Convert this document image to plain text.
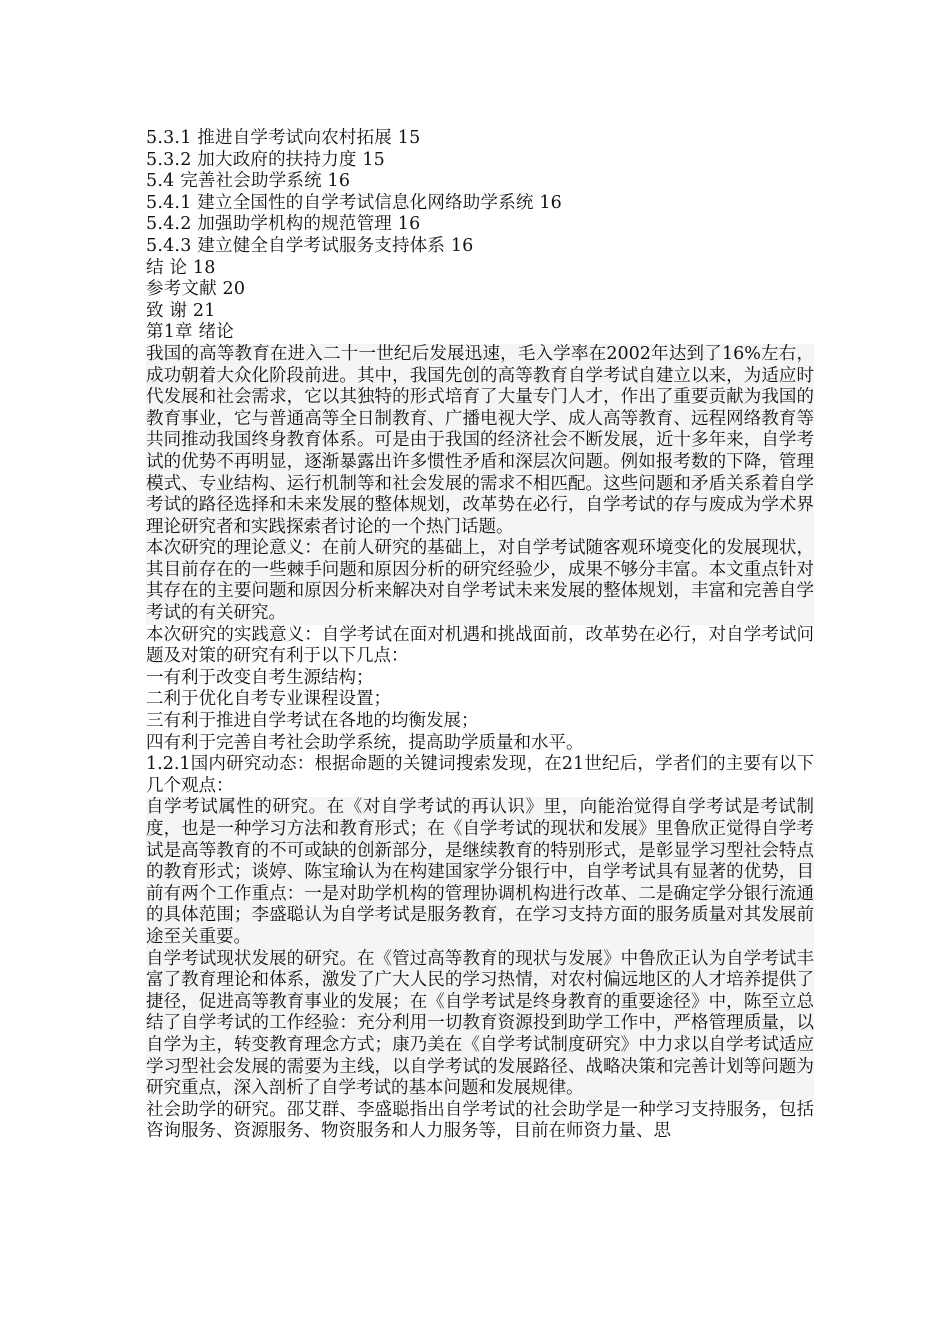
5.3.1 推进自学考试向农村拓展 15
5.3.2 加大政府的扶持力度 15
5.4 完善社会助学系统 16
5.4.1 建立全国性的自学考试信息化网络助学系统 16
5.4.2 加强助学机构的规范管理 16
5.4.3 建立健全自学考试服务支持体系 16
结 论 18
参考文献 20
致 谢 21
第1章 绪论

我国的高等教育在进入二十一世纪后发展迅速，毛入学率在2002年达到了16%左右，成功朝着大众化阶段前进。其中，我国先创的高等教育自学考试自建立以来，为适应时代发展和社会需求，它以其独特的形式培育了大量专门人才，作出了重要贡献为我国的教育事业，它与普通高等全日制教育、广播电视大学、成人高等教育、远程网络教育等共同推动我国终身教育体系。可是由于我国的经济社会不断发展，近十多年来，自学考试的优势不再明显，逐渐暴露出许多惯性矛盾和深层次问题。例如报考数的下降，管理模式、专业结构、运行机制等和社会发展的需求不相匹配。这些问题和矛盾关系着自学考试的路径选择和未来发展的整体规划，改革势在必行，自学考试的存与废成为学术界理论研究者和实践探索者讨论的一个热门话题。

本次研究的理论意义：在前人研究的基础上，对自学考试随客观环境变化的发展现状，其目前存在的一些棘手问题和原因分析的研究经验少，成果不够分丰富。本文重点针对其存在的主要问题和原因分析来解决对自学考试未来发展的整体规划，丰富和完善自学考试的有关研究。

本次研究的实践意义：自学考试在面对机遇和挑战面前，改革势在必行，对自学考试问题及对策的研究有利于以下几点：

一有利于改变自考生源结构；

二利于优化自考专业课程设置；

三有利于推进自学考试在各地的均衡发展；

四有利于完善自考社会助学系统，提高助学质量和水平。

1.2.1国内研究动态：根据命题的关键词搜索发现，在21世纪后，学者们的主要有以下几个观点：

自学考试属性的研究。在《对自学考试的再认识》里，向能治觉得自学考试是考试制度，也是一种学习方法和教育形式；在《自学考试的现状和发展》里鲁欣正觉得自学考试是高等教育的不可或缺的创新部分，是继续教育的特别形式，是彰显学习型社会特点的教育形式；谈婷、陈宝瑜认为在构建国家学分银行中，自学考试具有显著的优势，目前有两个工作重点：一是对助学机构的管理协调机构进行改革、二是确定学分银行流通的具体范围；李盛聪认为自学考试是服务教育，在学习支持方面的服务质量对其发展前途至关重要。

自学考试现状发展的研究。在《管过高等教育的现状与发展》中鲁欣正认为自学考试丰富了教育理论和体系，激发了广大人民的学习热情，对农村偏远地区的人才培养提供了捷径，促进高等教育事业的发展；在《自学考试是终身教育的重要途径》中，陈至立总结了自学考试的工作经验：充分利用一切教育资源投到助学工作中，严格管理质量，以自学为主，转变教育理念方式；康乃美在《自学考试制度研究》中力求以自学考试适应学习型社会发展的需要为主线，以自学考试的发展路径、战略决策和完善计划等问题为研究重点，深入剖析了自学考试的基本问题和发展规律。

社会助学的研究。邵艾群、李盛聪指出自学考试的社会助学是一种学习支持服务，包括咨询服务、资源服务、物资服务和人力服务等，目前在师资力量、思
